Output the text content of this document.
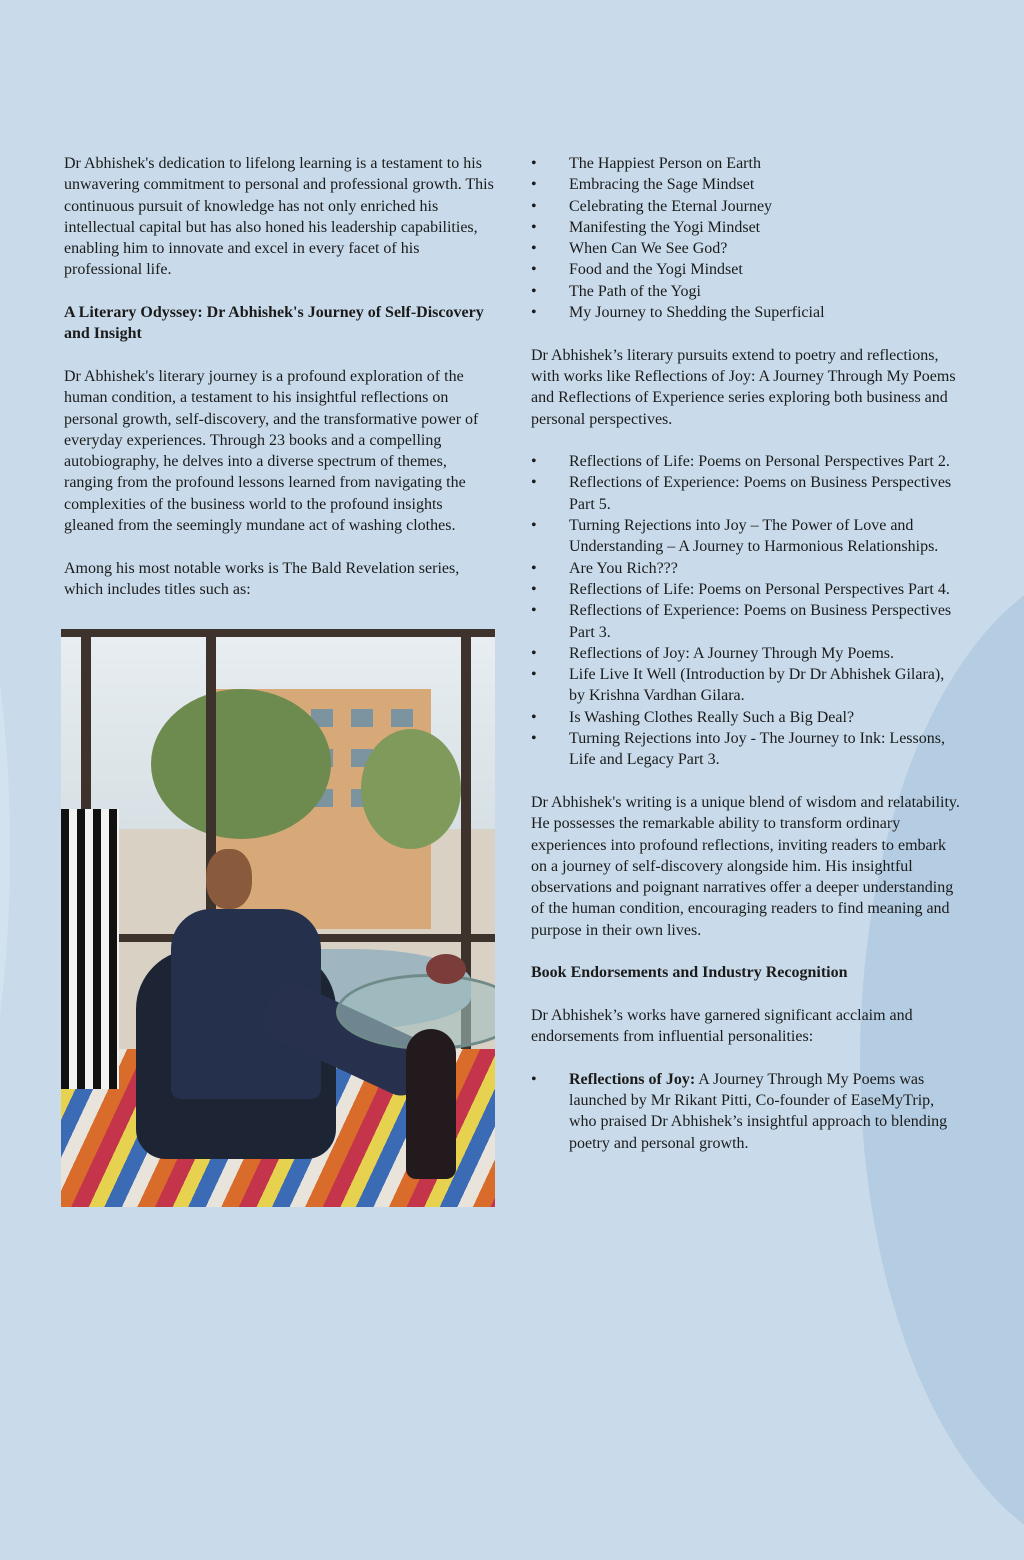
Dr Abhishek's dedication to lifelong learning is a testament to his unwavering commitment to personal and professional growth. This continuous pursuit of knowledge has not only enriched his intellectual capital but has also honed his leadership capabilities, enabling him to innovate and excel in every facet of his professional life.

A Literary Odyssey: Dr Abhishek's Journey of Self-Discovery and Insight

Dr Abhishek's literary journey is a profound exploration of the human condition, a testament to his insightful reflections on personal growth, self-discovery, and the transformative power of everyday experiences. Through 23 books and a compelling autobiography, he delves into a diverse spectrum of themes, ranging from the profound lessons learned from navigating the complexities of the business world to the profound insights gleaned from the seemingly mundane act of washing clothes.

Among his most notable works is The Bald Revelation series, which includes titles such as:

• The Happiest Person on Earth
• Embracing the Sage Mindset
• Celebrating the Eternal Journey
• Manifesting the Yogi Mindset
• When Can We See God?
• Food and the Yogi Mindset
• The Path of the Yogi
• My Journey to Shedding the Superficial

Dr Abhishek’s literary pursuits extend to poetry and reflections, with works like Reflections of Joy: A Journey Through My Poems and Reflections of Experience series exploring both business and personal perspectives.

• Reflections of Life: Poems on Personal Perspectives Part 2.
• Reflections of Experience: Poems on Business Perspectives Part 5.
• Turning Rejections into Joy – The Power of Love and Understanding – A Journey to Harmonious Relationships.
• Are You Rich???
• Reflections of Life: Poems on Personal Perspectives Part 4.
• Reflections of Experience: Poems on Business Perspectives Part 3.
• Reflections of Joy: A Journey Through My Poems.
• Life Live It Well (Introduction by Dr Dr Abhishek Gilara), by Krishna Vardhan Gilara.
• Is Washing Clothes Really Such a Big Deal?
• Turning Rejections into Joy - The Journey to Ink: Lessons, Life and Legacy Part 3.

Dr Abhishek's writing is a unique blend of wisdom and relatability. He possesses the remarkable ability to transform ordinary experiences into profound reflections, inviting readers to embark on a journey of self-discovery alongside him. His insightful observations and poignant narratives offer a deeper understanding of the human condition, encouraging readers to find meaning and purpose in their own lives.

Book Endorsements and Industry Recognition

Dr Abhishek’s works have garnered significant acclaim and endorsements from influential personalities:

• Reflections of Joy: A Journey Through My Poems was launched by Mr Rikant Pitti, Co-founder of EaseMyTrip, who praised Dr Abhishek’s insightful approach to blending poetry and personal growth.
